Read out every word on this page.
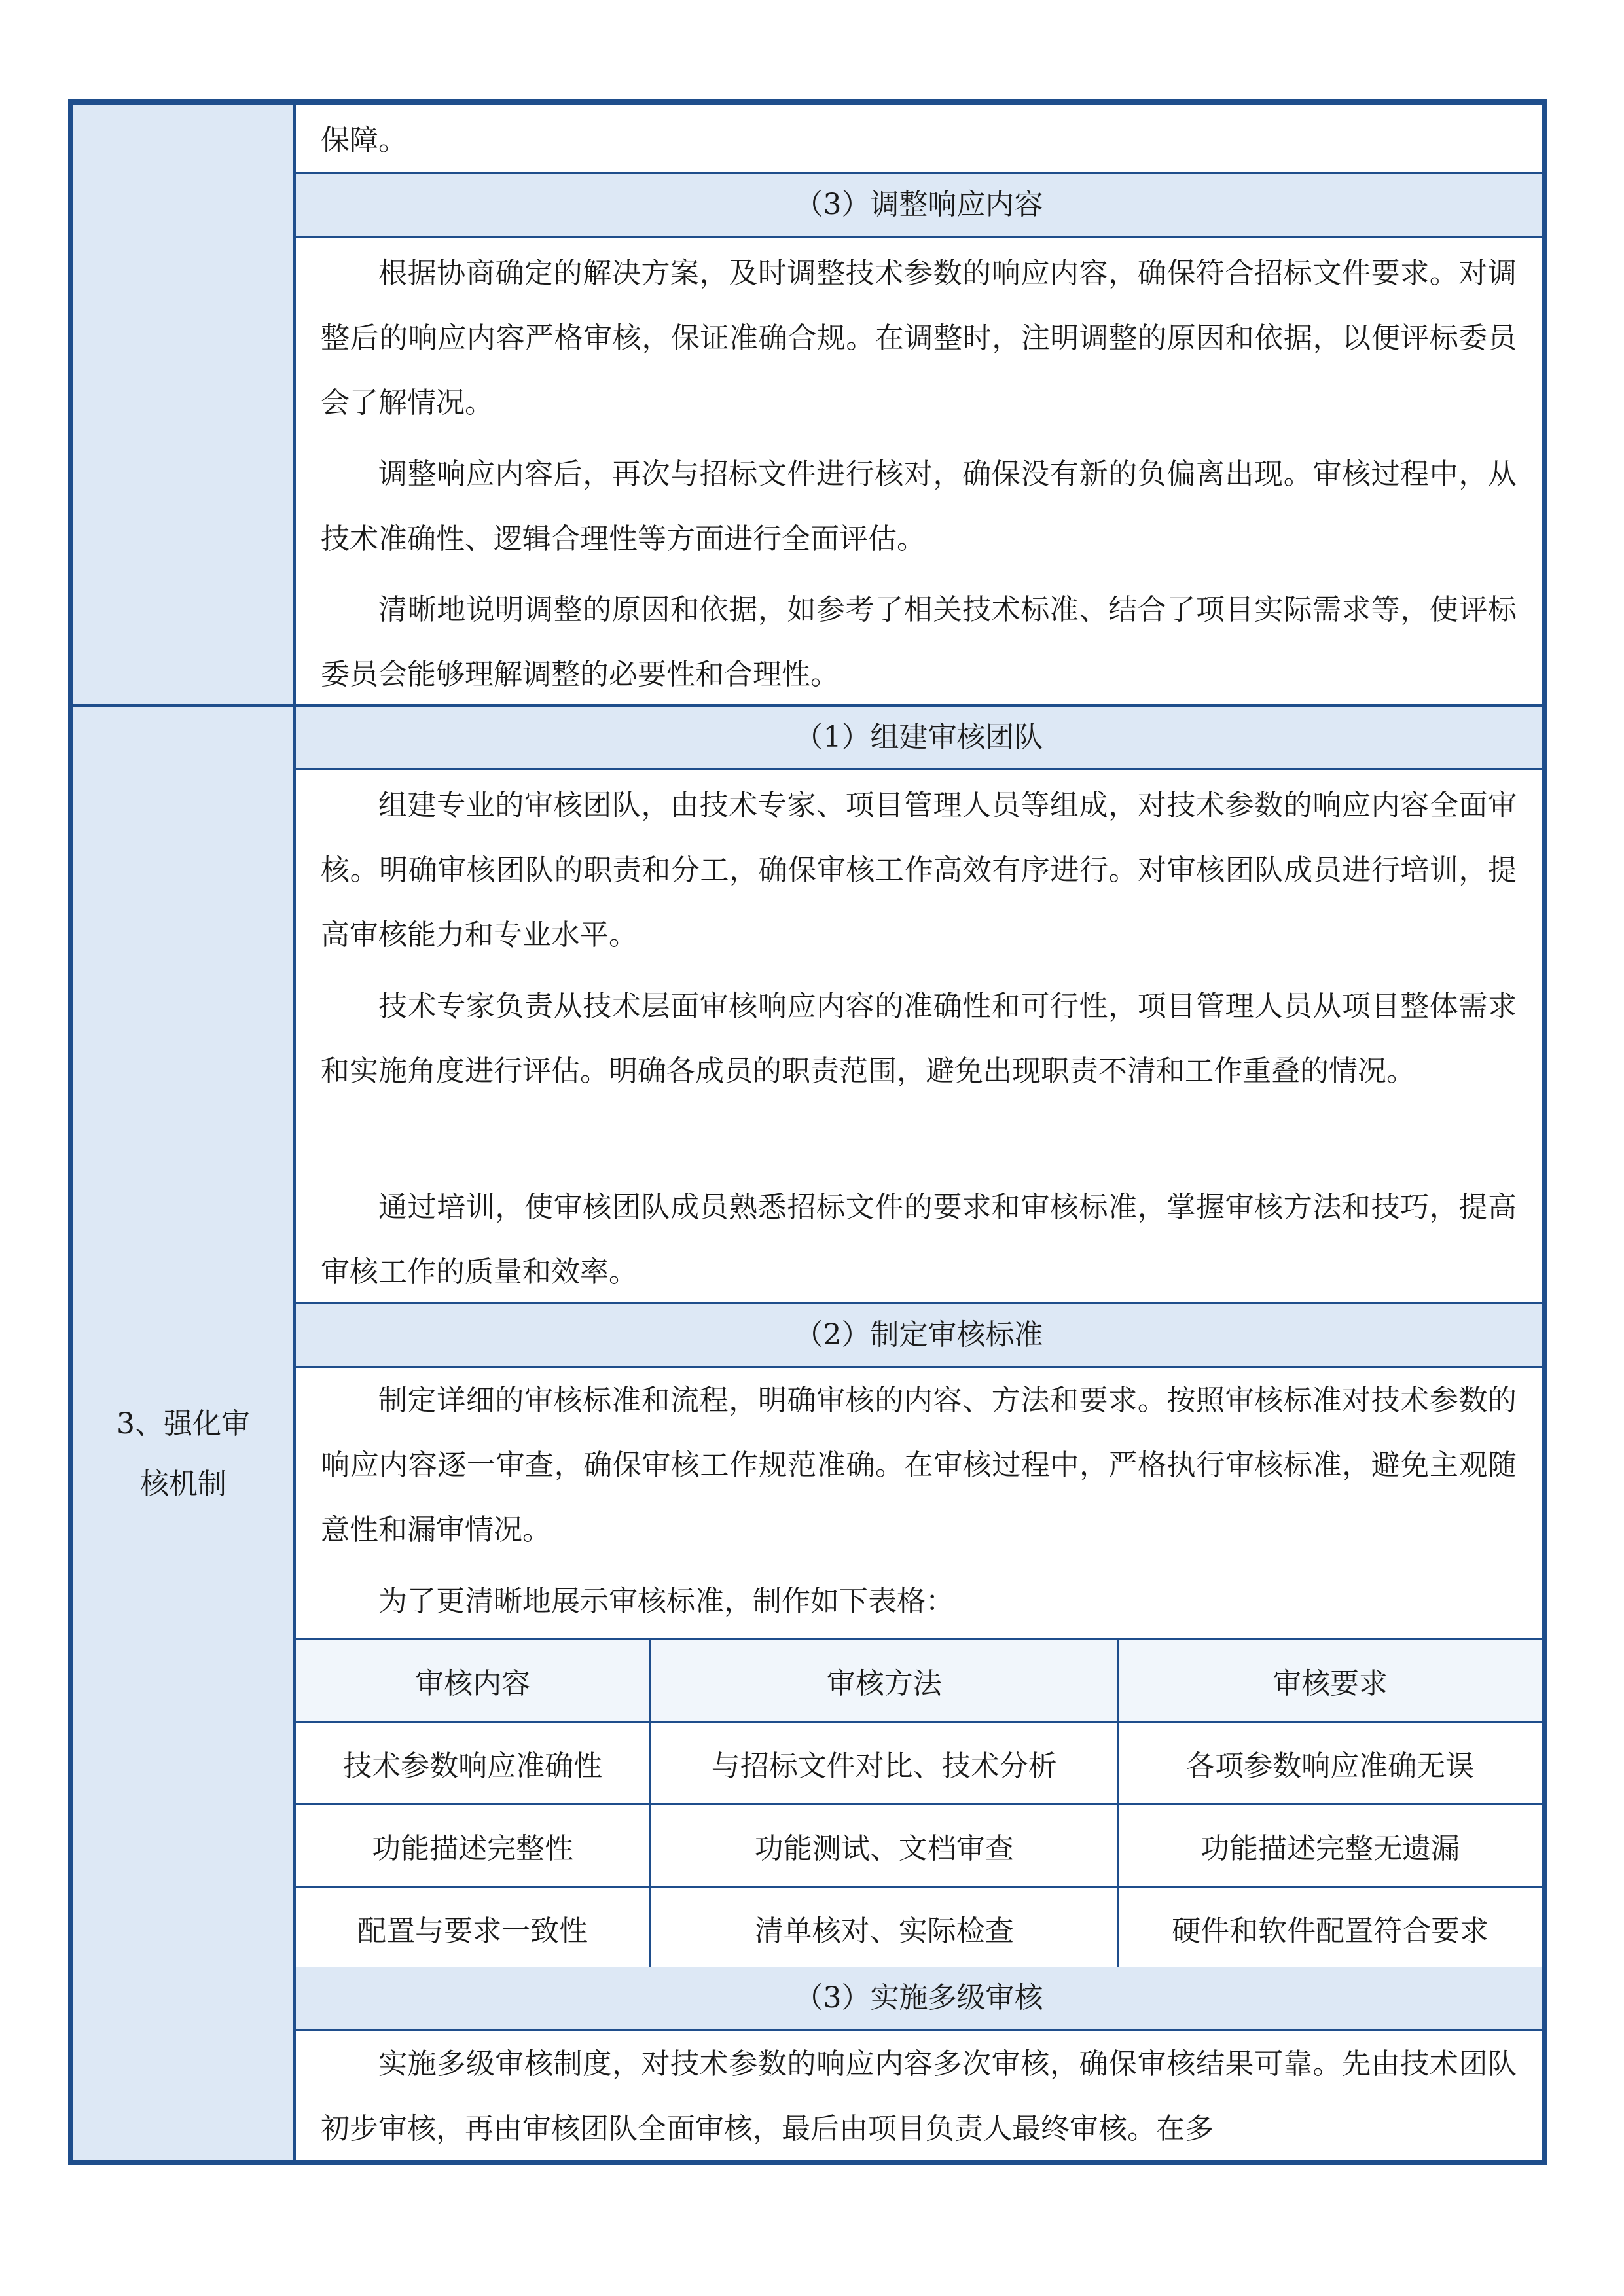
3、强化审
核机制
保障。
（3）调整响应内容
根据协商确定的解决方案，及时调整技术参数的响应内容，确保符合招标文件要求。对调整后的响应内容严格审核，保证准确合规。在调整时，注明调整的原因和依据，以便评标委员会了解情况。
调整响应内容后，再次与招标文件进行核对，确保没有新的负偏离出现。审核过程中，从技术准确性、逻辑合理性等方面进行全面评估。
清晰地说明调整的原因和依据，如参考了相关技术标准、结合了项目实际需求等，使评标委员会能够理解调整的必要性和合理性。
（1）组建审核团队
组建专业的审核团队，由技术专家、项目管理人员等组成，对技术参数的响应内容全面审核。明确审核团队的职责和分工，确保审核工作高效有序进行。对审核团队成员进行培训，提高审核能力和专业水平。
技术专家负责从技术层面审核响应内容的准确性和可行性，项目管理人员从项目整体需求和实施角度进行评估。明确各成员的职责范围，避免出现职责不清和工作重叠的情况。
通过培训，使审核团队成员熟悉招标文件的要求和审核标准，掌握审核方法和技巧，提高审核工作的质量和效率。
（2）制定审核标准
制定详细的审核标准和流程，明确审核的内容、方法和要求。按照审核标准对技术参数的响应内容逐一审查，确保审核工作规范准确。在审核过程中，严格执行审核标准，避免主观随意性和漏审情况。
为了更清晰地展示审核标准，制作如下表格：
审核内容	审核方法	审核要求
技术参数响应准确性	与招标文件对比、技术分析	各项参数响应准确无误
功能描述完整性	功能测试、文档审查	功能描述完整无遗漏
配置与要求一致性	清单核对、实际检查	硬件和软件配置符合要求
（3）实施多级审核
实施多级审核制度，对技术参数的响应内容多次审核，确保审核结果可靠。先由技术团队初步审核，再由审核团队全面审核，最后由项目负责人最终审核。在多
